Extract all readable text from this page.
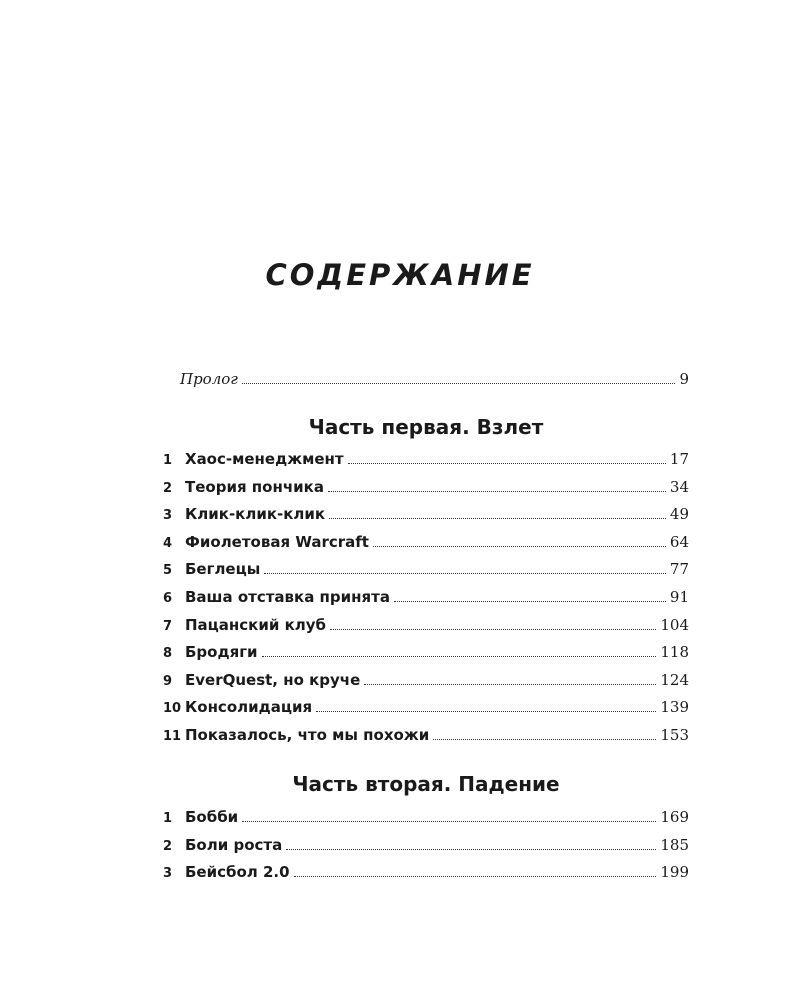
СОДЕРЖАНИЕ
Пролог	9
Часть первая. Взлет
1 Хаос-менеджмент	17
2 Теория пончика	34
3 Клик-клик-клик	49
4 Фиолетовая Warcraft	64
5 Беглецы	77
6 Ваша отставка принята	91
7 Пацанский клуб	104
8 Бродяги	118
9 EverQuest, но круче	124
10 Консолидация	139
11 Показалось, что мы похожи	153
Часть вторая. Падение
1 Бобби	169
2 Боли роста	185
3 Бейсбол 2.0	199
